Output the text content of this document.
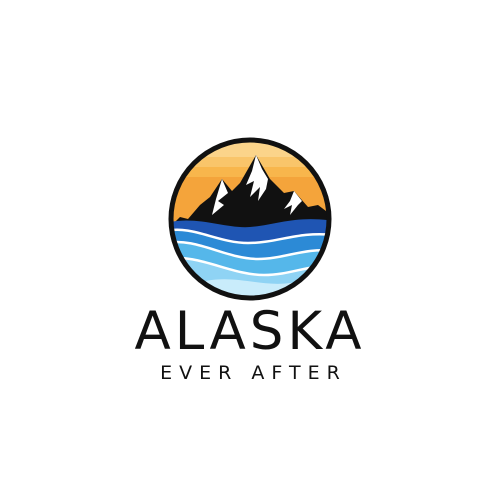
ALASKA
EVER AFTER
